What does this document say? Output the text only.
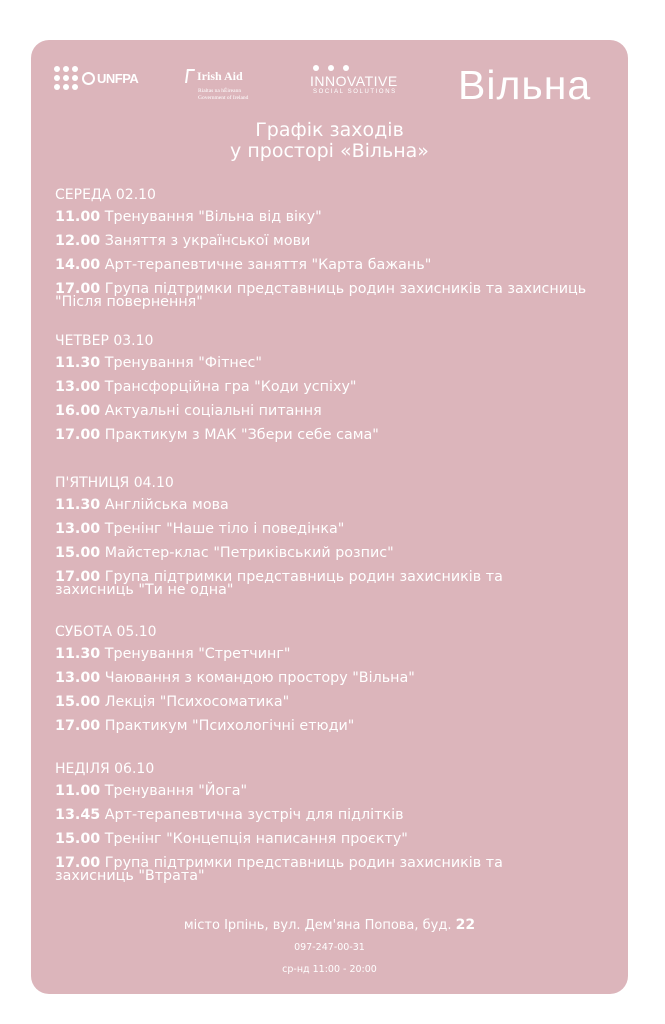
UNFPA	Irish Aid
Rialtas na hÉireann
Government of Ireland
INNOVATIVE
SOCIAL SOLUTIONS Вільна
Графік заходів
у просторі «Вільна»
СЕРЕДА 02.10
11.00 Тренування "Вільна від віку"
12.00 Заняття з української мови
14.00 Арт-терапевтичне заняття "Карта бажань"
17.00 Група підтримки представниць родин захисників та захисниць
"Після повернення"
ЧЕТВЕР 03.10
11.30 Тренування "Фітнес"
13.00 Трансфорційна гра "Коди успіху"
16.00 Актуальні соціальні питання
17.00 Практикум з МАК "Збери себе сама"
П'ЯТНИЦЯ 04.10
11.30 Англійська мова
13.00 Тренінг "Наше тіло і поведінка"
15.00 Майстер-клас "Петриківський розпис"
17.00 Група підтримки представниць родин захисників та
захисниць "Ти не одна"
СУБОТА 05.10
11.30 Тренування "Стретчинг"
13.00 Чаювання з командою простору "Вільна"
15.00 Лекція "Психосоматика"
17.00 Практикум "Психологічні етюди"
НЕДІЛЯ 06.10
11.00 Тренування "Йога"
13.45 Арт-терапевтична зустріч для підлітків
15.00 Тренінг "Концепція написання проєкту"
17.00 Група підтримки представниць родин захисників та
захисниць "Втрата"
місто Ірпінь, вул. Дем'яна Попова, буд. 22
097-247-00-31
ср-нд 11:00 - 20:00
